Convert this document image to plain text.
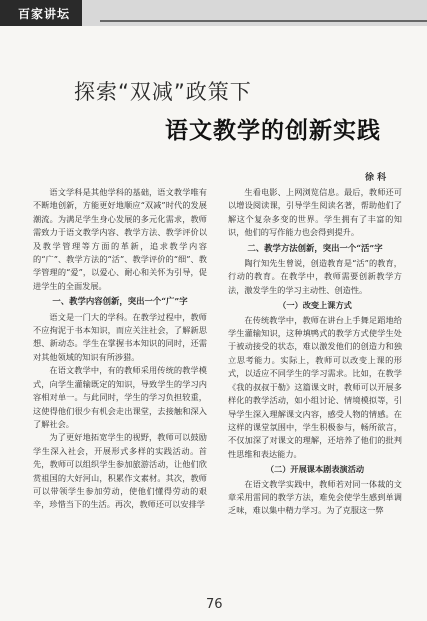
百家讲坛
探索“双减”政策下
语文教学的创新实践
徐 科

语文学科是其他学科的基础，语文教学唯有不断地创新，方能更好地顺应“双减”时代的发展潮流。为满足学生身心发展的多元化需求，教师需致力于语文教学内容、教学方法、教学评价以及教学管理等方面的革新，追求教学内容的“广”、教学方法的“活”、教学评价的“细”、教学管理的“爱”，以爱心、耐心和关怀为引导，促进学生的全面发展。

一、教学内容创新，突出一个“广”字

语文是一门大的学科。在教学过程中，教师不应拘泥于书本知识，而应关注社会，了解新思想、新动态。学生在掌握书本知识的同时，还需对其他领域的知识有所涉猎。

在语文教学中，有的教师采用传统的教学模式，向学生灌输既定的知识，导致学生的学习内容相对单一。与此同时，学生的学习负担较重，这使得他们很少有机会走出课堂，去接触和深入了解社会。

为了更好地拓宽学生的视野，教师可以鼓励学生深入社会，开展形式多样的实践活动。首先，教师可以组织学生参加旅游活动，让他们欣赏祖国的大好河山，积累作文素材。其次，教师可以带领学生参加劳动，使他们懂得劳动的艰辛，珍惜当下的生活。再次，教师还可以安排学

生看电影、上网浏览信息。最后，教师还可以增设阅读课，引导学生阅读名著，帮助他们了解这个复杂多变的世界。学生拥有了丰富的知识，他们的写作能力也会得到提升。

二、教学方法创新，突出一个“活”字

陶行知先生曾说，创造教育是“活”的教育，行动的教育。在教学中，教师需要创新教学方法，激发学生的学习主动性、创造性。

（一）改变上课方式

在传统教学中，教师在讲台上手舞足蹈地给学生灌输知识，这种填鸭式的教学方式使学生处于被动接受的状态，难以激发他们的创造力和独立思考能力。实际上，教师可以改变上课的形式，以适应不同学生的学习需求。比如，在教学《我的叔叔于勒》这篇课文时，教师可以开展多样化的教学活动，如小组讨论、情境模拟等，引导学生深入理解课文内容，感受人物的情感。在这样的课堂氛围中，学生积极参与，畅所欲言，不仅加深了对课文的理解，还培养了他们的批判性思维和表达能力。

（二）开展课本剧表演活动

在语文教学实践中，教师若对同一体裁的文章采用雷同的教学方法，难免会使学生感到单调乏味，难以集中精力学习。为了克服这一弊

76
